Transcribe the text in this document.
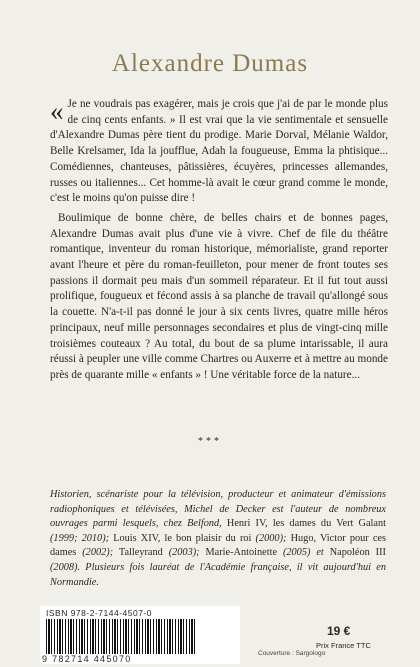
Alexandre Dumas

« Je ne voudrais pas exagérer, mais je crois que j'ai de par le monde plus de cinq cents enfants. » Il est vrai que la vie sentimentale et sensuelle d'Alexandre Dumas père tient du prodige. Marie Dorval, Mélanie Waldor, Belle Krelsamer, Ida la joufflue, Adah la fougueuse, Emma la phtisique... Comédiennes, chanteuses, pâtissières, écuyères, princesses allemandes, russes ou italiennes... Cet homme-là avait le cœur grand comme le monde, c'est le moins qu'on puisse dire !

Boulimique de bonne chère, de belles chairs et de bonnes pages, Alexandre Dumas avait plus d'une vie à vivre. Chef de file du théâtre romantique, inventeur du roman historique, mémorialiste, grand reporter avant l'heure et père du roman-feuilleton, pour mener de front toutes ses passions il dormait peu mais d'un sommeil réparateur. Et il fut tout aussi prolifique, fougueux et fécond assis à sa planche de travail qu'allongé sous la couette. N'a-t-il pas donné le jour à six cents livres, quatre mille héros principaux, neuf mille personnages secondaires et plus de vingt-cinq mille troisièmes couteaux ? Au total, du bout de sa plume intarissable, il aura réussi à peupler une ville comme Chartres ou Auxerre et à mettre au monde près de quarante mille « enfants » ! Une véritable force de la nature...

***
Historien, scénariste pour la télévision, producteur et animateur d'émissions radiophoniques et télévisées, Michel de Decker est l'auteur de nombreux ouvrages parmi lesquels, chez Belfond, Henri IV, les dames du Vert Galant (1999; 2010); Louis XIV, le bon plaisir du roi (2000); Hugo, Victor pour ces dames (2002); Talleyrand (2003); Marie-Antoinette (2005) et Napoléon III (2008). Plusieurs fois lauréat de l'Académie française, il vit aujourd'hui en Normandie.
ISBN 978-2-7144-4507-0
9 782714 445070
Couverture : Sargologo
19 €
Prix France TTC
